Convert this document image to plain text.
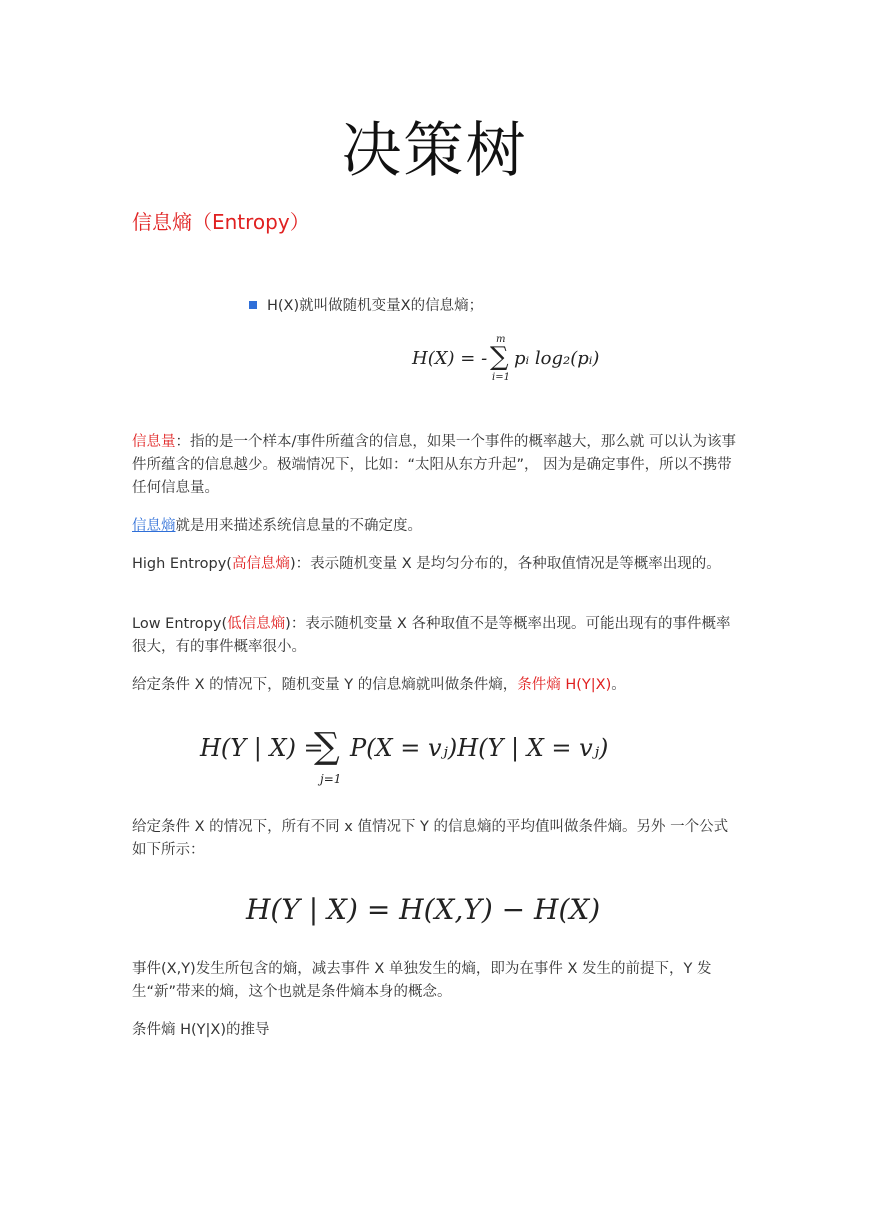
决策树
信息熵（Entropy）
H(X)就叫做随机变量X的信息熵；
H(X) = -
m
∑
i=1
pᵢ log₂(pᵢ)
信息量：指的是一个样本/事件所蕴含的信息，如果一个事件的概率越大，那么就 可以认为该事件所蕴含的信息越少。极端情况下，比如：“太阳从东方升起”， 因为是确定事件，所以不携带任何信息量。
信息熵就是用来描述系统信息量的不确定度。
High Entropy(高信息熵)：表示随机变量 X 是均匀分布的，各种取值情况是等概率出现的。
Low Entropy(低信息熵)：表示随机变量 X 各种取值不是等概率出现。可能出现有的事件概率很大，有的事件概率很小。
给定条件 X 的情况下，随机变量 Y 的信息熵就叫做条件熵，条件熵 H(Y|X)。
H(Y | X) =
∑
j=1
P(X = vⱼ)H(Y | X = vⱼ)
给定条件 X 的情况下，所有不同 x 值情况下 Y 的信息熵的平均值叫做条件熵。另外 一个公式如下所示：
H(Y | X) = H(X,Y) − H(X)
事件(X,Y)发生所包含的熵，减去事件 X 单独发生的熵，即为在事件 X 发生的前提下，Y 发生“新”带来的熵，这个也就是条件熵本身的概念。
条件熵 H(Y|X)的推导
